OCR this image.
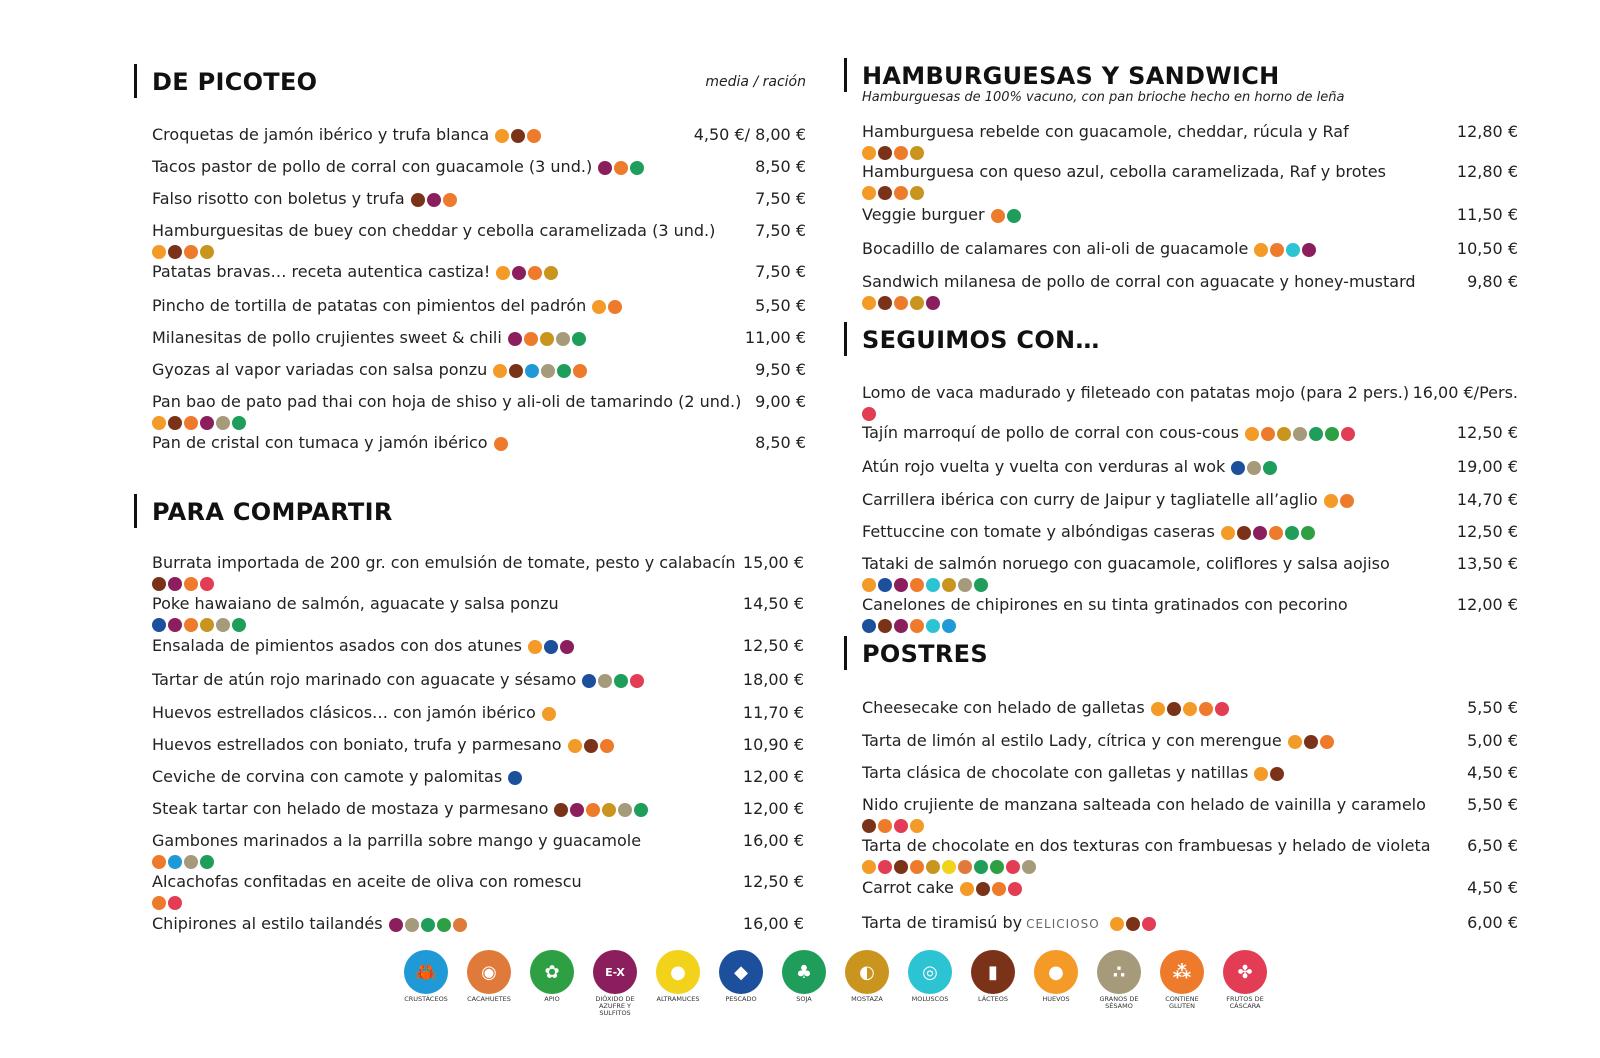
DE PICOTEO	media / ración
Croquetas de jamón ibérico y trufa blanca	4,50 €/ 8,00 €
Tacos pastor de pollo de corral con guacamole (3 und.)	8,50 €
Falso risotto con boletus y trufa	7,50 €
Hamburguesitas de buey con cheddar y cebolla caramelizada (3 und.) 7,50 €
Patatas bravas… receta autentica castiza!	7,50 €
Pincho de tortilla de patatas con pimientos del padrón	5,50 €
Milanesitas de pollo crujientes sweet & chili	11,00 €
Gyozas al vapor variadas con salsa ponzu	9,50 €
Pan bao de pato pad thai con hoja de shiso y ali-oli de tamarindo (2 und.) 9,00 €
Pan de cristal con tumaca y jamón ibérico	8,50 €
PARA COMPARTIR
Burrata importada de 200 gr. con emulsión de tomate, pesto y calabacín 15,00 €
Poke hawaiano de salmón, aguacate y salsa ponzu	14,50 €
Ensalada de pimientos asados con dos atunes	12,50 €
Tartar de atún rojo marinado con aguacate y sésamo	18,00 €
Huevos estrellados clásicos… con jamón ibérico	11,70 €
Huevos estrellados con boniato, trufa y parmesano	10,90 €
Ceviche de corvina con camote y palomitas	12,00 €
Steak tartar con helado de mostaza y parmesano	12,00 €
Gambones marinados a la parrilla sobre mango y guacamole	16,00 €
Alcachofas confitadas en aceite de oliva con romescu	12,50 €
Chipirones al estilo tailandés	16,00 €
HAMBURGUESAS Y SANDWICH
Hamburguesas de 100% vacuno, con pan brioche hecho en horno de leña
Hamburguesa rebelde con guacamole, cheddar, rúcula y Raf	12,80 €
Hamburguesa con queso azul, cebolla caramelizada, Raf y brotes	12,80 €
Veggie burguer	11,50 €
Bocadillo de calamares con ali-oli de guacamole	10,50 €
Sandwich milanesa de pollo de corral con aguacate y honey-mustard	9,80 €
SEGUIMOS CON…
Lomo de vaca madurado y fileteado con patatas mojo (para 2 pers.) 16,00 €/Pers.
Tajín marroquí de pollo de corral con cous-cous	12,50 €
Atún rojo vuelta y vuelta con verduras al wok	19,00 €
Carrillera ibérica con curry de Jaipur y tagliatelle all’aglio	14,70 €
Fettuccine con tomate y albóndigas caseras	12,50 €
Tataki de salmón noruego con guacamole, coliflores y salsa aojiso	13,50 €
Canelones de chipirones en su tinta gratinados con pecorino	12,00 €
POSTRES
Cheesecake con helado de galletas	5,50 €
Tarta de limón al estilo Lady, cítrica y con merengue	5,00 €
Tarta clásica de chocolate con galletas y natillas	4,50 €
Nido crujiente de manzana salteada con helado de vainilla y caramelo	5,50 €
Tarta de chocolate en dos texturas con frambuesas y helado de violeta 6,50 €
Carrot cake	4,50 €
Tarta de tiramisú by CELICIOSO	6,00 €
🦀
CRUSTÁCEOS
◉
CACAHUETES
✿
APIO
E-X
DIÓXIDO DE AZUFRE Y SULFITOS
●
ALTRAMUCES
◆
PESCADO
♣
SOJA
◐
MOSTAZA
◎
MOLUSCOS
▮
LÁCTEOS
●
HUEVOS
∴
GRANOS DE SÉSAMO
⁂
CONTIENE GLUTEN
✤
FRUTOS DE CÁSCARA
